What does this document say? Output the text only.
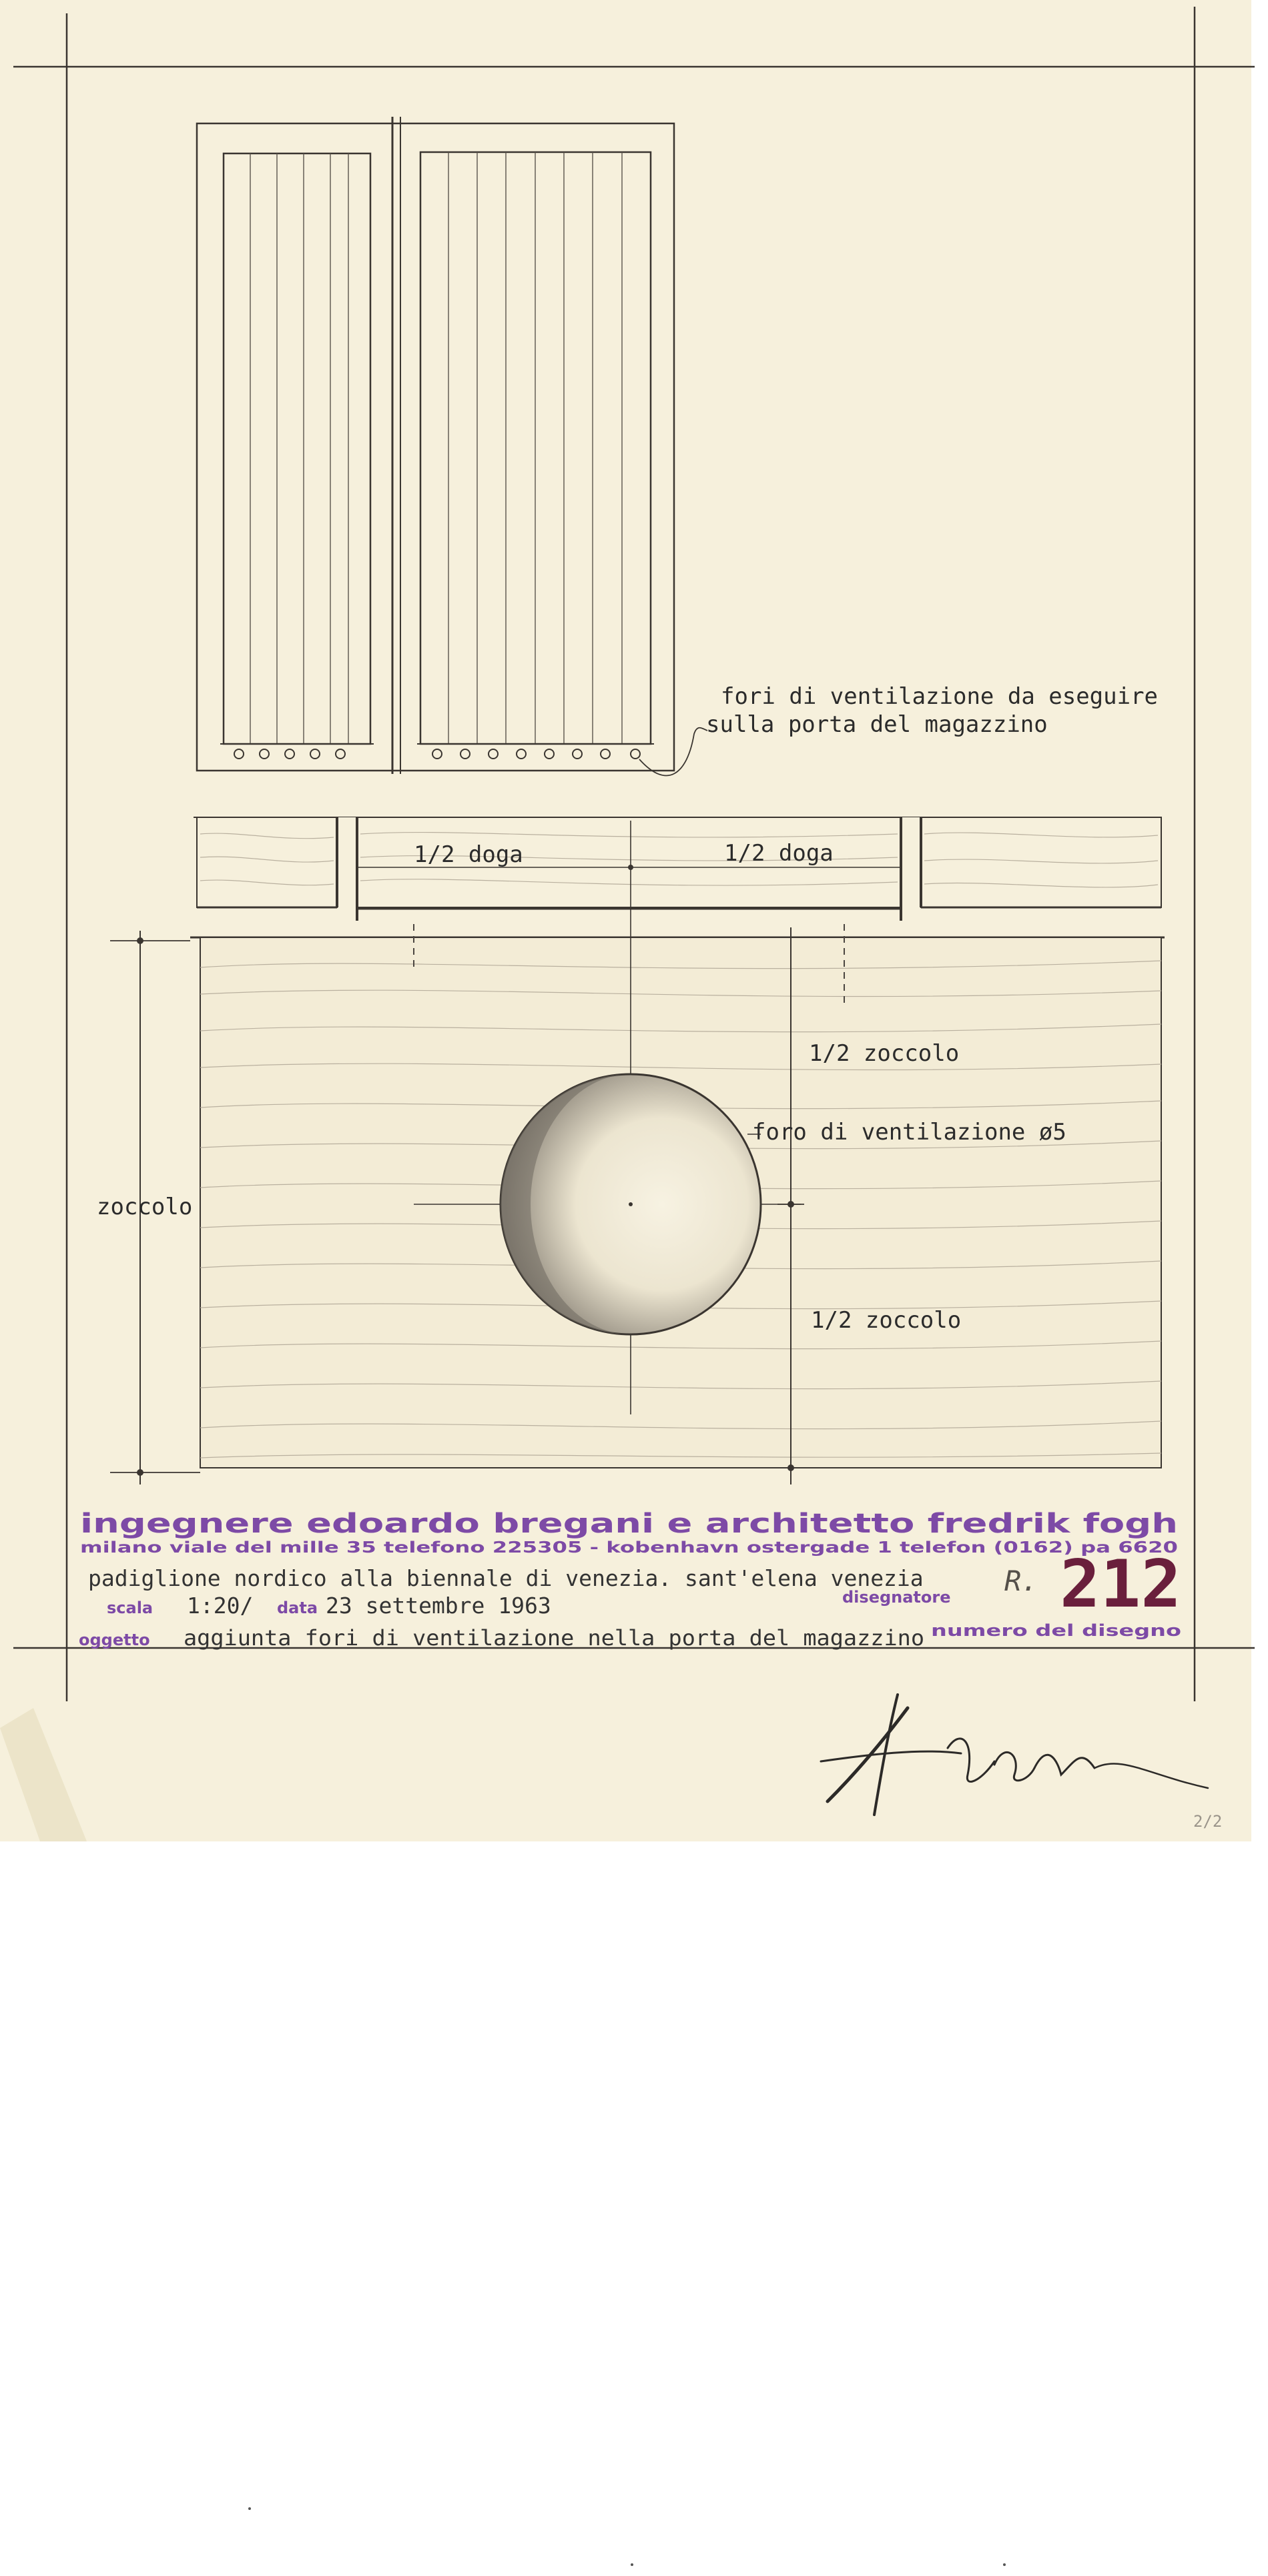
fori di ventilazione da eseguire
sulla porta del magazzino
1/2 doga	1/2 doga
1/2 zoccolo
foro di ventilazione ø5
1/2 zoccolo
zoccolo
ingegnere edoardo bregani e architetto fredrik fogh
milano viale del mille 35 telefono 225305 - kobenhavn ostergade 1 telefon (0162) pa 6620
padiglione nordico alla biennale di venezia. sant'elena venezia
scala 1:20/ data 23 settembre 1963	disegnatore R. 212
oggetto aggiunta fori di ventilazione nella porta del magazzino numero del disegno
2/2
